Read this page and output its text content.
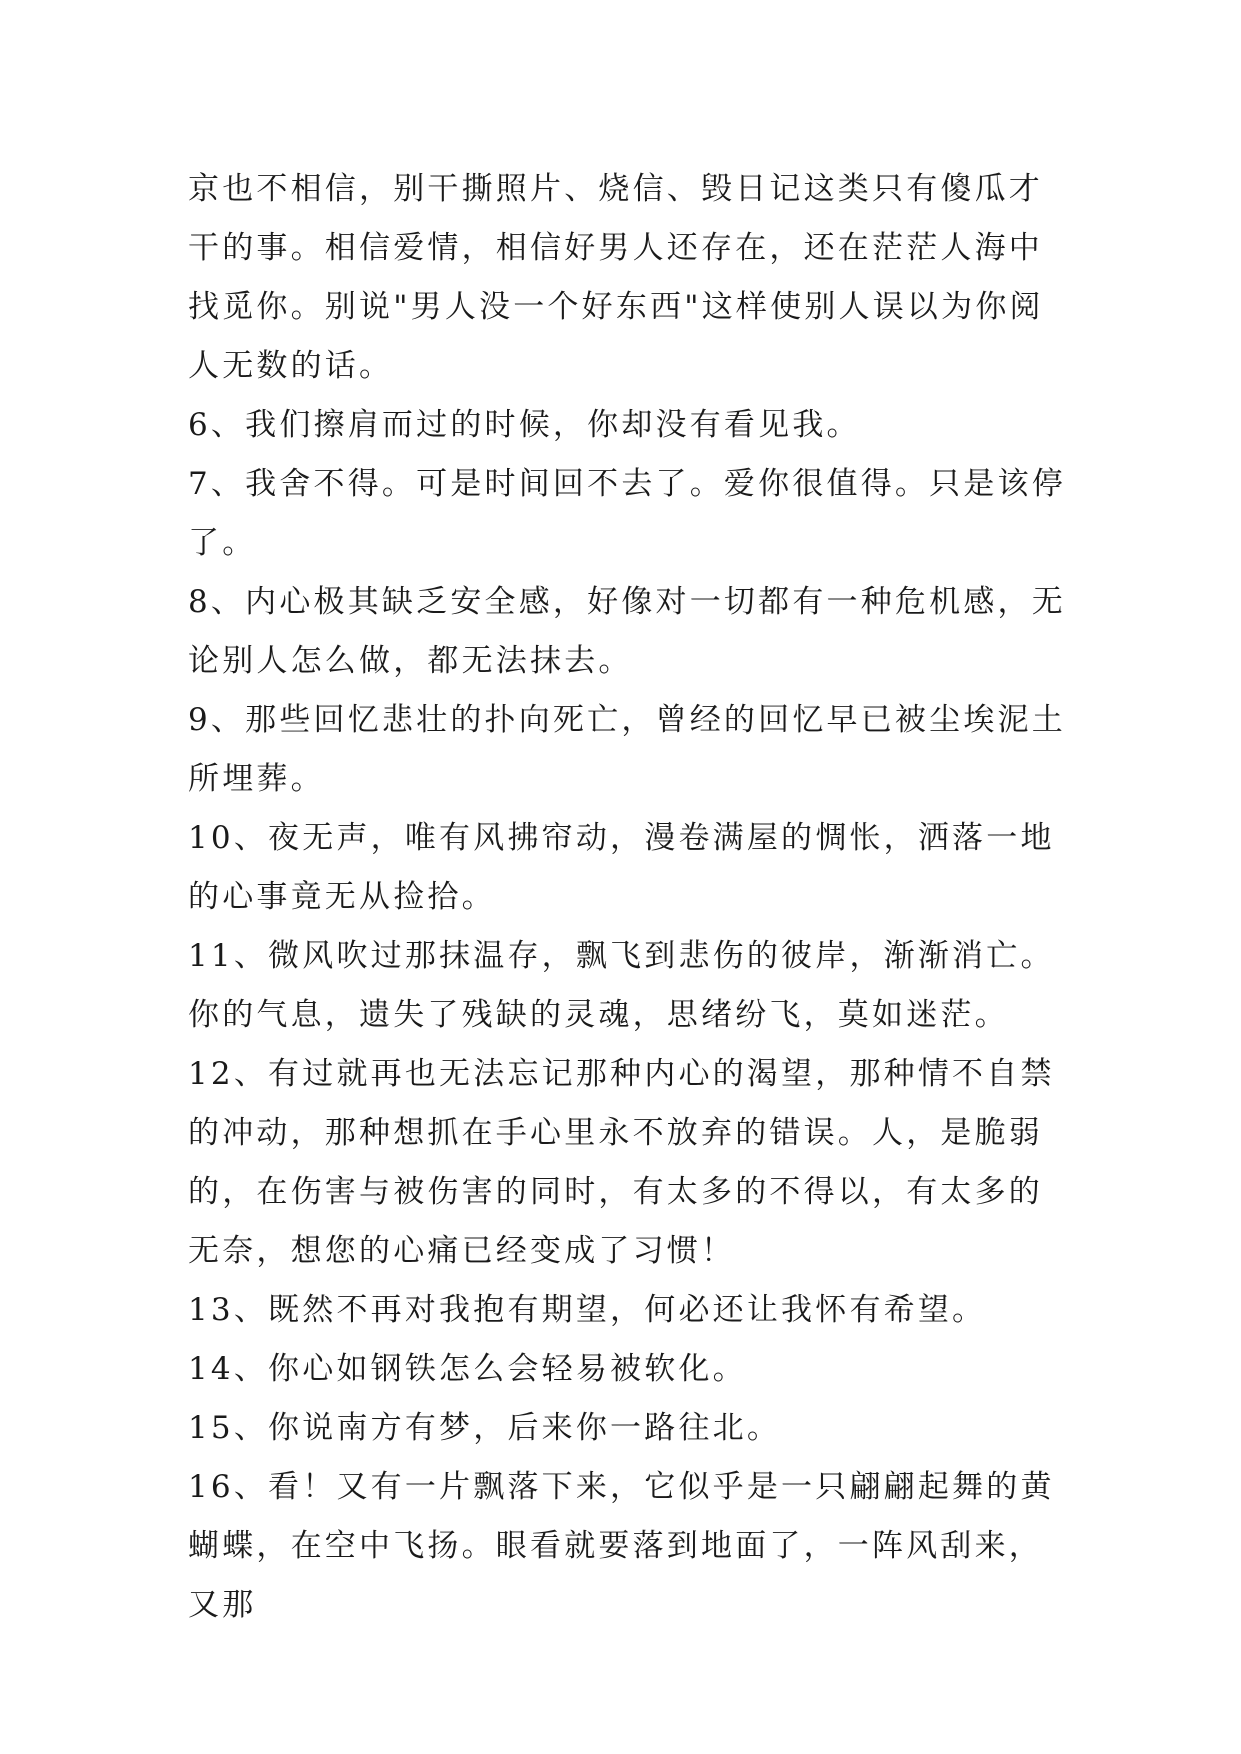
京也不相信，别干撕照片、烧信、毁日记这类只有傻瓜才干的事。相信爱情，相信好男人还存在，还在茫茫人海中找觅你。别说"男人没一个好东西"这样使别人误以为你阅人无数的话。

6、我们擦肩而过的时候，你却没有看见我。

7、我舍不得。可是时间回不去了。爱你很值得。只是该停了。

8、内心极其缺乏安全感，好像对一切都有一种危机感，无论别人怎么做，都无法抹去。

9、那些回忆悲壮的扑向死亡，曾经的回忆早已被尘埃泥土所埋葬。

10、夜无声，唯有风拂帘动，漫卷满屋的惆怅，洒落一地的心事竟无从捡拾。

11、微风吹过那抹温存，飘飞到悲伤的彼岸，渐渐消亡。你的气息，遗失了残缺的灵魂，思绪纷飞，莫如迷茫。

12、有过就再也无法忘记那种内心的渴望，那种情不自禁的冲动，那种想抓在手心里永不放弃的错误。人，是脆弱的，在伤害与被伤害的同时，有太多的不得以，有太多的无奈，想您的心痛已经变成了习惯！

13、既然不再对我抱有期望，何必还让我怀有希望。

14、你心如钢铁怎么会轻易被软化。

15、你说南方有梦，后来你一路往北。

16、看！又有一片飘落下来，它似乎是一只翩翩起舞的黄蝴蝶，在空中飞扬。眼看就要落到地面了，一阵风刮来，又那
